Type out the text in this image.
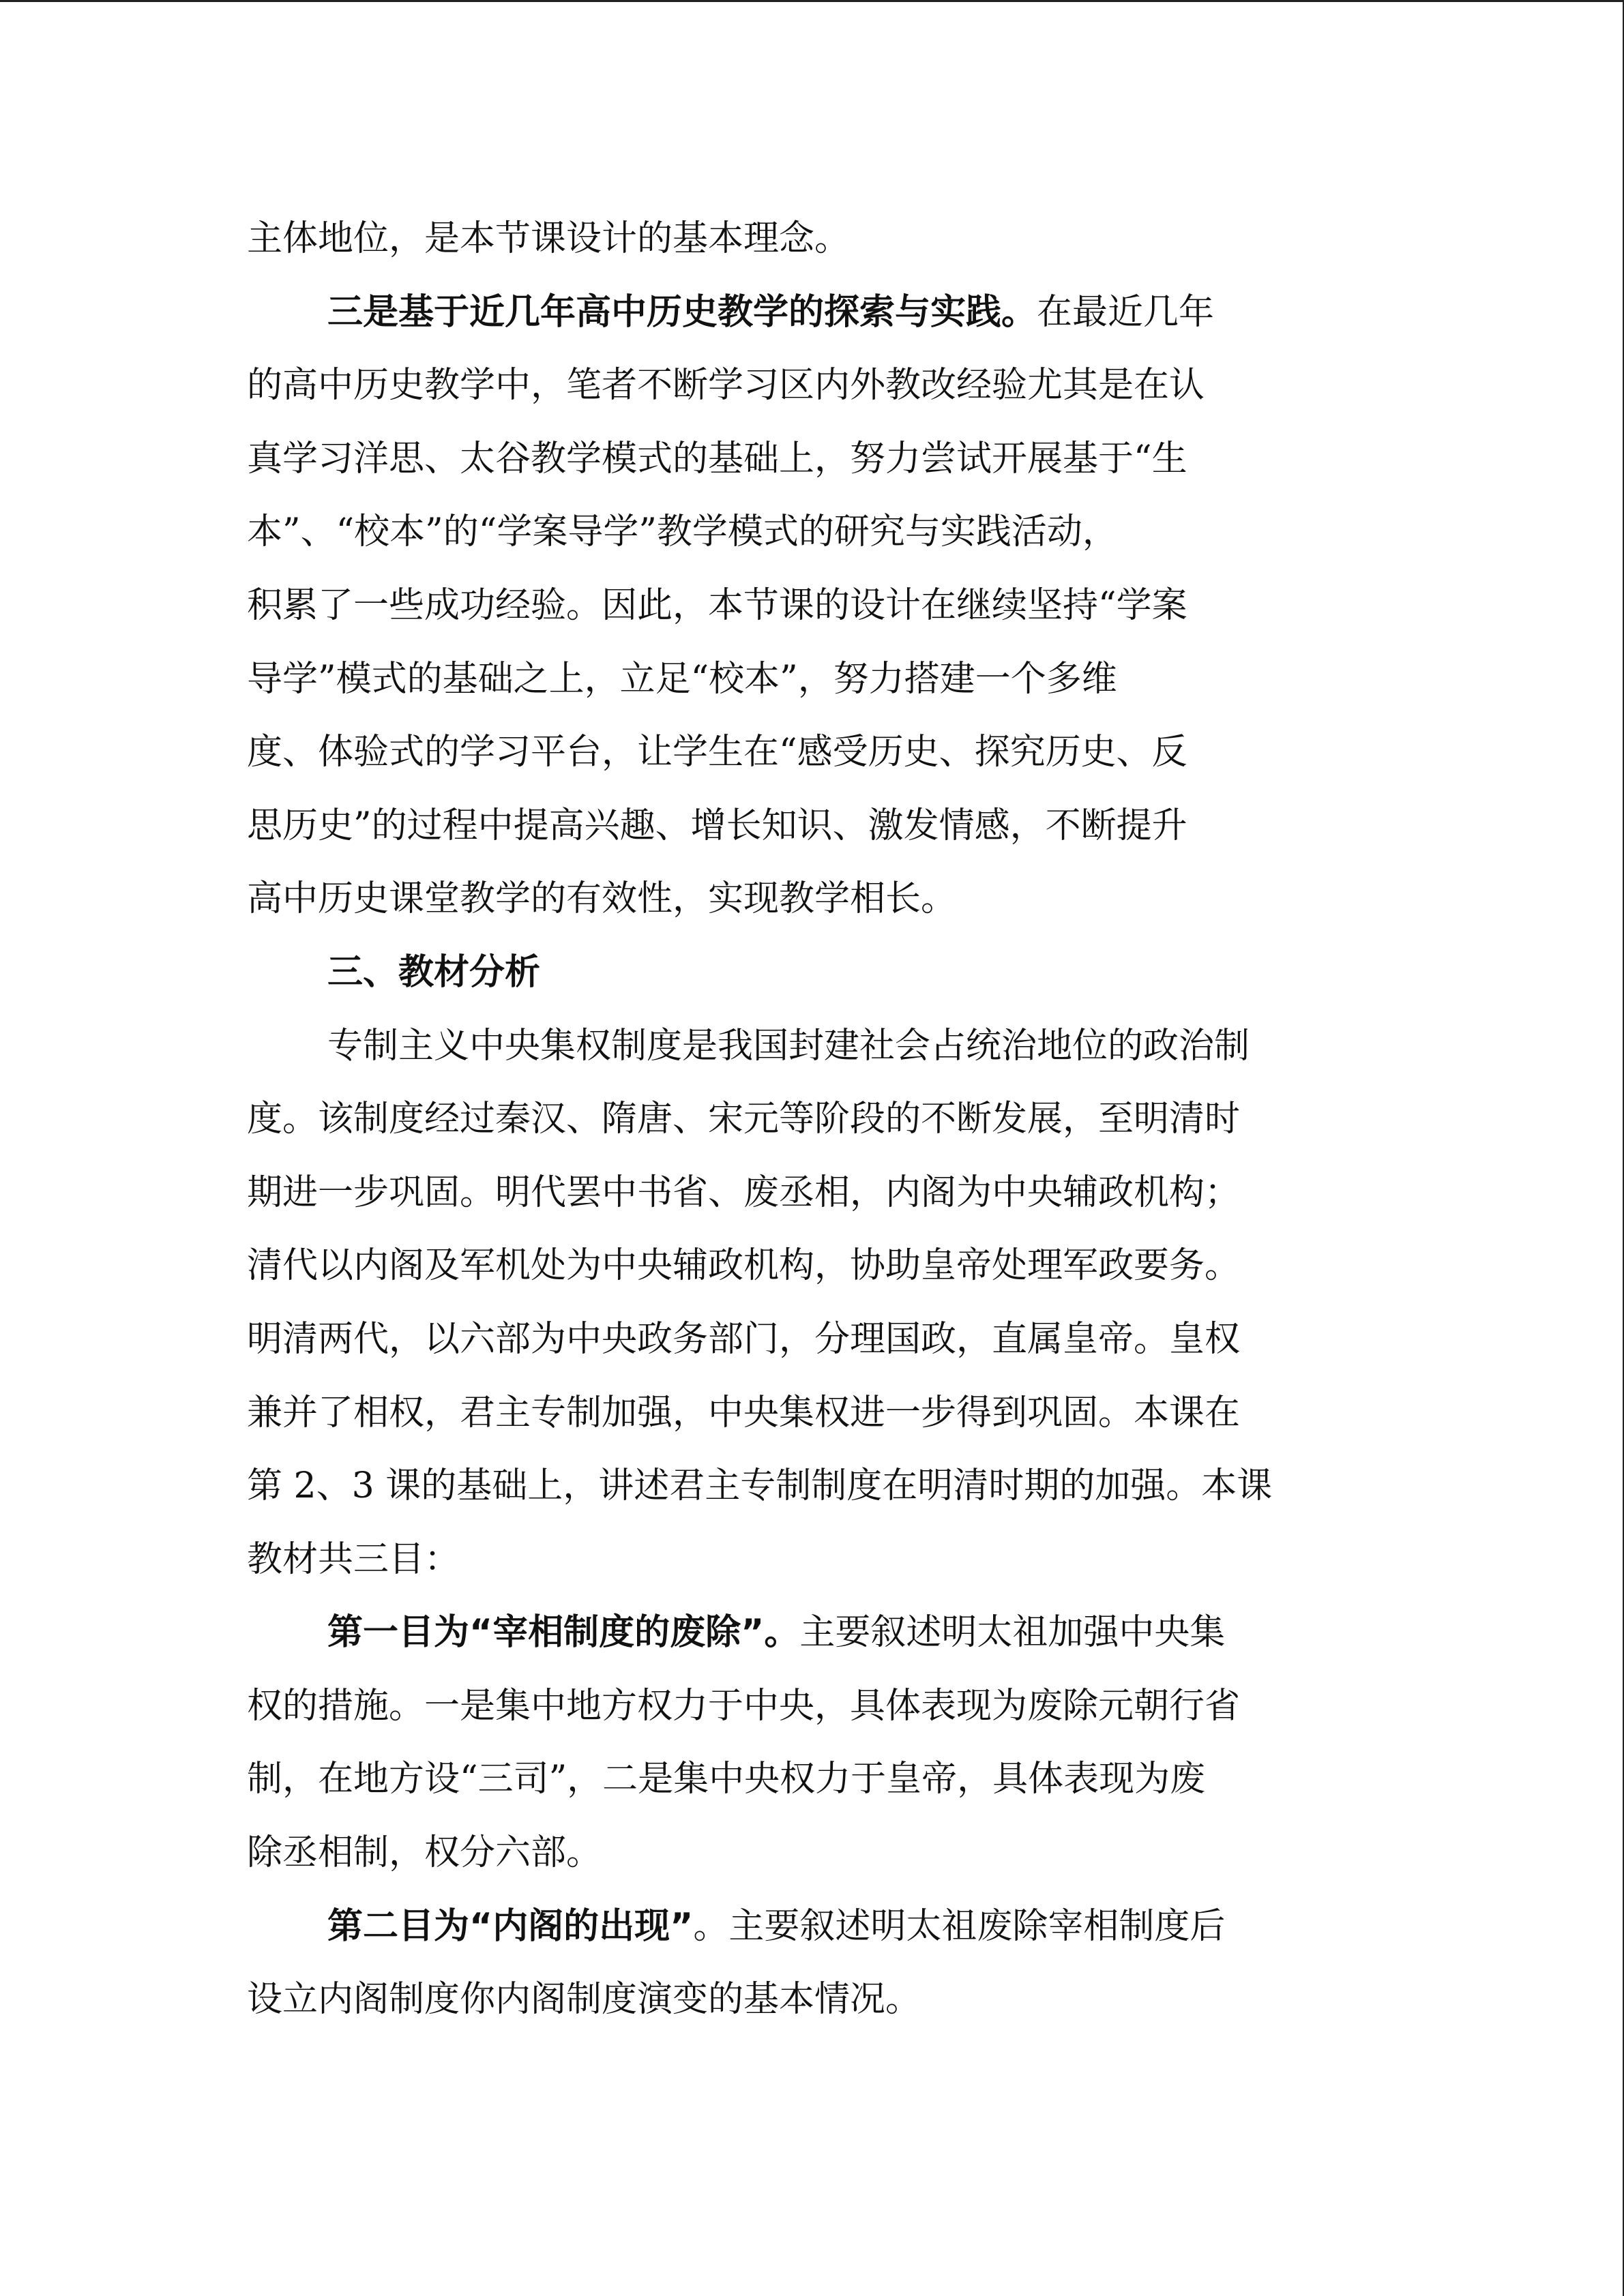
主体地位，是本节课设计的基本理念。
三是基于近几年高中历史教学的探索与实践。在最近几年
的高中历史教学中，笔者不断学习区内外教改经验尤其是在认
真学习洋思、太谷教学模式的基础上，努力尝试开展基于“生
本”、“校本”的“学案导学”教学模式的研究与实践活动，
积累了一些成功经验。因此，本节课的设计在继续坚持“学案
导学”模式的基础之上，立足“校本”，努力搭建一个多维
度、体验式的学习平台，让学生在“感受历史、探究历史、反
思历史”的过程中提高兴趣、增长知识、激发情感，不断提升
高中历史课堂教学的有效性，实现教学相长。
三、教材分析
专制主义中央集权制度是我国封建社会占统治地位的政治制
度。该制度经过秦汉、隋唐、宋元等阶段的不断发展，至明清时
期进一步巩固。明代罢中书省、废丞相，内阁为中央辅政机构；
清代以内阁及军机处为中央辅政机构，协助皇帝处理军政要务。
明清两代，以六部为中央政务部门，分理国政，直属皇帝。皇权
兼并了相权，君主专制加强，中央集权进一步得到巩固。本课在
第 2、3 课的基础上，讲述君主专制制度在明清时期的加强。本课
教材共三目：
第一目为“宰相制度的废除”。主要叙述明太祖加强中央集
权的措施。一是集中地方权力于中央，具体表现为废除元朝行省
制，在地方设“三司”，二是集中央权力于皇帝，具体表现为废
除丞相制，权分六部。
第二目为“内阁的出现”。主要叙述明太祖废除宰相制度后
设立内阁制度你内阁制度演变的基本情况。
